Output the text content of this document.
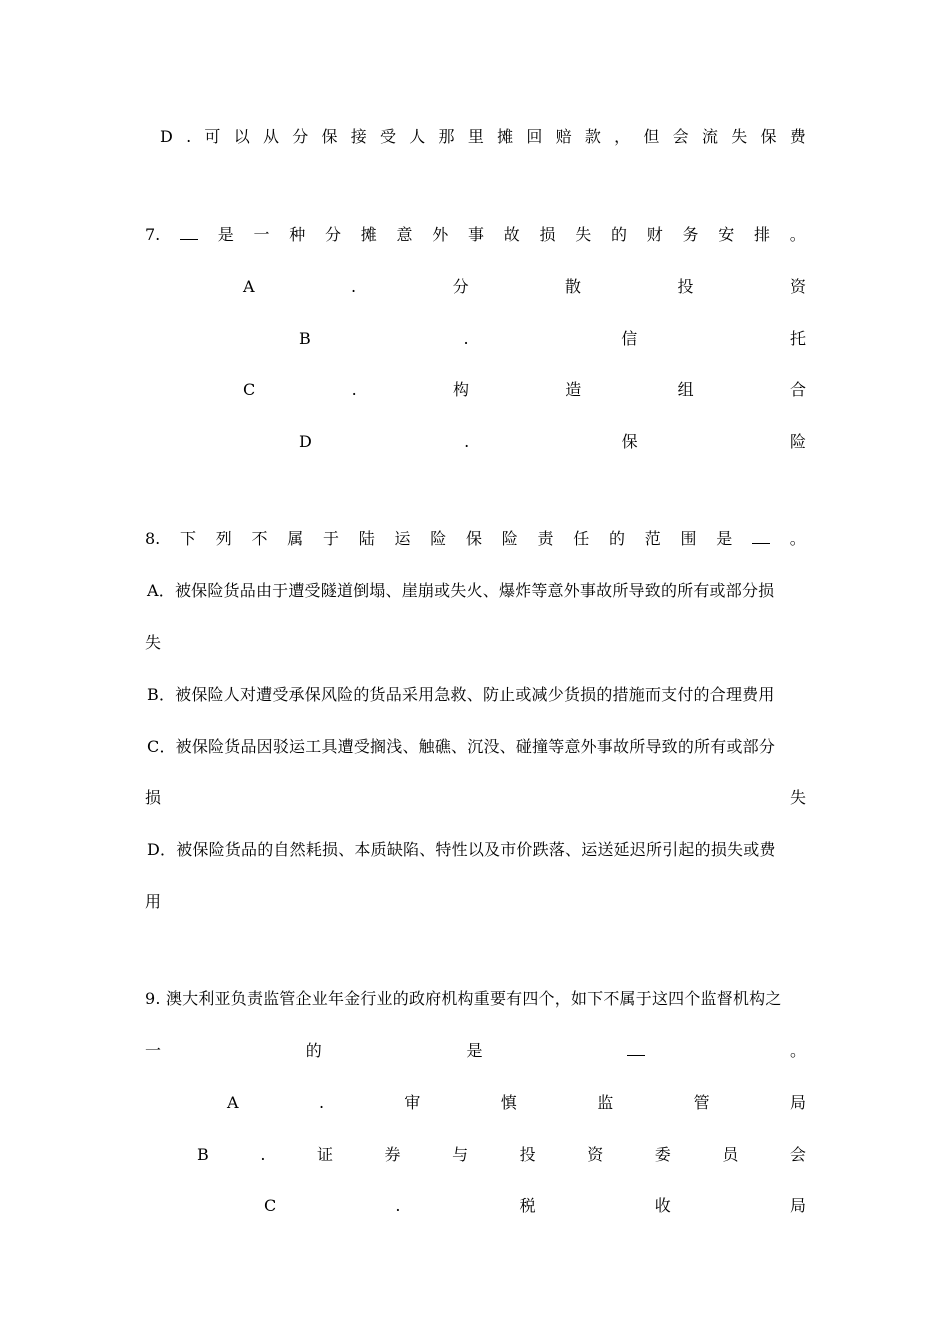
D . 可 以 从 分 保 接 受 人 那 里 摊 回 赔 款 ， 但 会 流 失 保 费
7.	是 一 种 分 摊 意 外 事 故 损 失 的 财 务 安 排 。
A	.	分	散	投	资
B	.	信	托
C	.	构	造	组	合
D	.	保	险
8. 下 列 不 属 于 陆 运 险 保 险 责 任 的 范 围 是	。
A．被保险货品由于遭受隧道倒塌、崖崩或失火、爆炸等意外事故所导致的所有或部分损
失
B．被保险人对遭受承保风险的货品采用急救、防止或减少货损的措施而支付的合理费用
C．被保险货品因驳运工具遭受搁浅、触礁、沉没、碰撞等意外事故所导致的所有或部分
损	失
D．被保险货品的自然耗损、本质缺陷、特性以及市价跌落、运送延迟所引起的损失或费
用
9. 澳大利亚负责监管企业年金行业的政府机构重要有四个，如下不属于这四个监督机构之
一	的	是	。
A	.	审	慎	监	管	局
B	.	证	券	与	投	资	委	员	会
C	.	税	收	局
